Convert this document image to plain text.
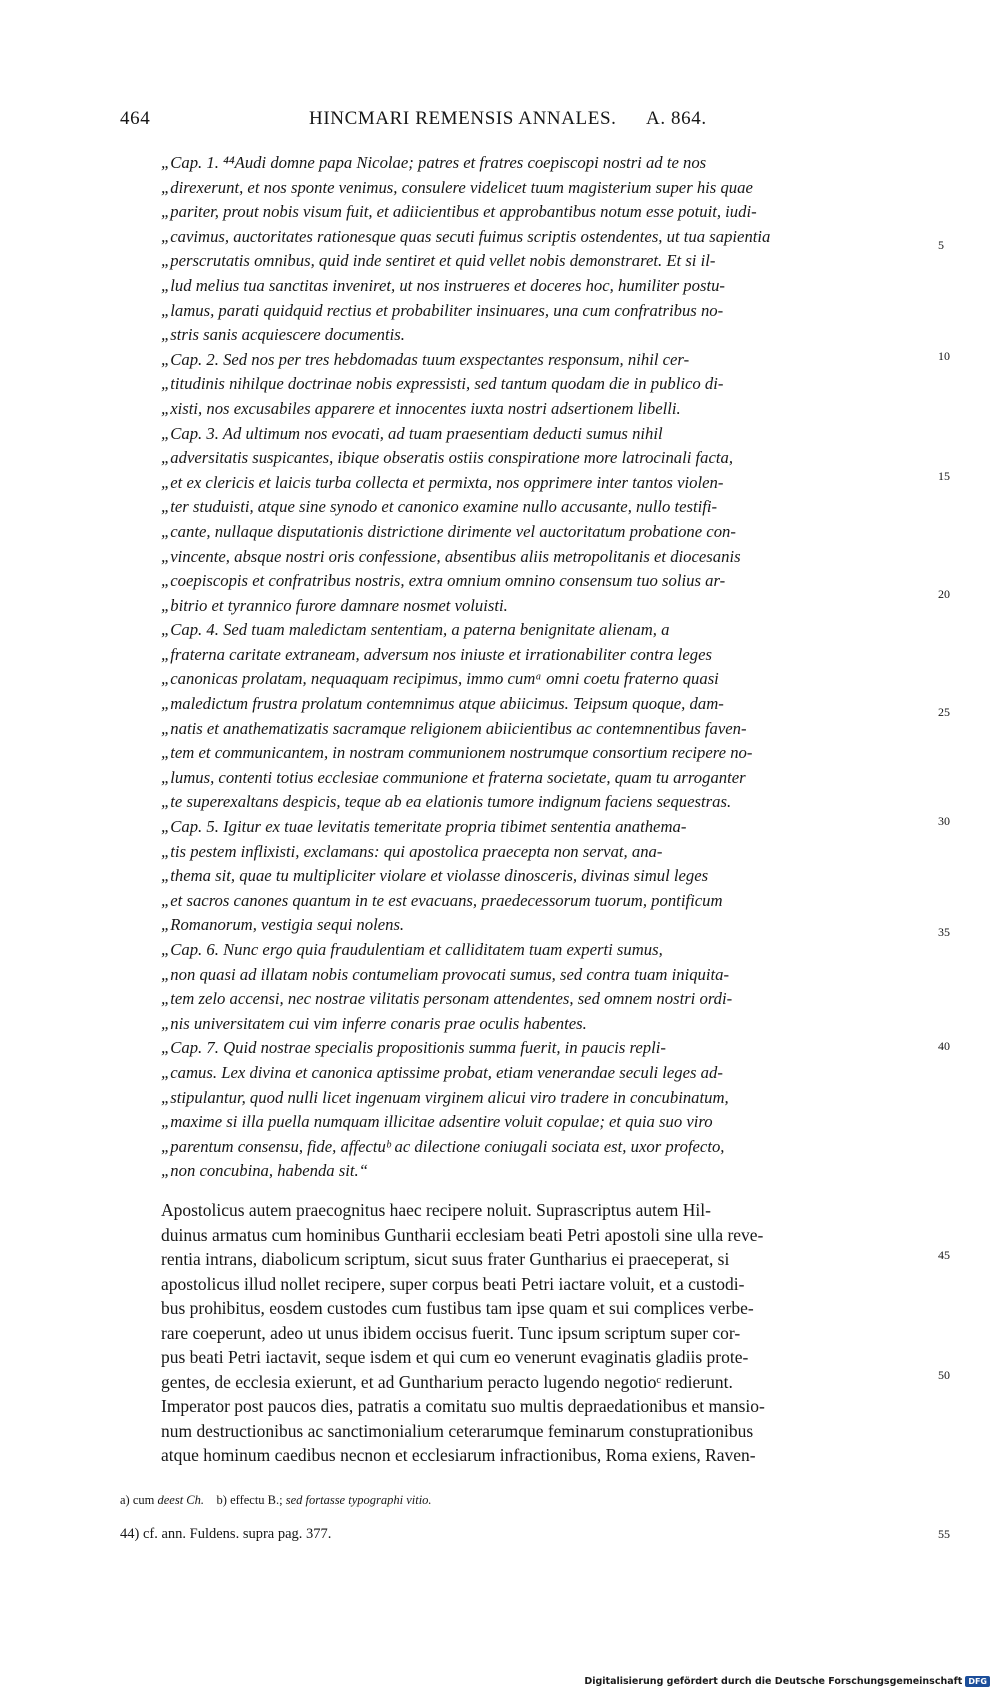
464	HINCMARI REMENSIS ANNALES. A. 864.
„Cap. 1. ⁴⁴Audi domne papa Nicolae; patres et fratres coepiscopi nostri ad te nos
„direxerunt, et nos sponte venimus, consulere videlicet tuum magisterium super his quae
„pariter, prout nobis visum fuit, et adiicientibus et approbantibus notum esse potuit, iudi-
„cavimus, auctoritates rationesque quas secuti fuimus scriptis ostendentes, ut tua sapientia
„perscrutatis omnibus, quid inde sentiret et quid vellet nobis demonstraret. Et si il-
„lud melius tua sanctitas inveniret, ut nos instrueres et doceres hoc, humiliter postu-
„lamus, parati quidquid rectius et probabiliter insinuares, una cum confratribus no-
„stris sanis acquiescere documentis.
„Cap. 2. Sed nos per tres hebdomadas tuum exspectantes responsum, nihil cer-
„titudinis nihilque doctrinae nobis expressisti, sed tantum quodam die in publico di-
„xisti, nos excusabiles apparere et innocentes iuxta nostri adsertionem libelli.
„Cap. 3. Ad ultimum nos evocati, ad tuam praesentiam deducti sumus nihil
„adversitatis suspicantes, ibique obseratis ostiis conspiratione more latrocinali facta,
„et ex clericis et laicis turba collecta et permixta, nos opprimere inter tantos violen-
„ter studuisti, atque sine synodo et canonico examine nullo accusante, nullo testifi-
„cante, nullaque disputationis districtione dirimente vel auctoritatum probatione con-
„vincente, absque nostri oris confessione, absentibus aliis metropolitanis et diocesanis
„coepiscopis et confratribus nostris, extra omnium omnino consensum tuo solius ar-
„bitrio et tyrannico furore damnare nosmet voluisti.
„Cap. 4. Sed tuam maledictam sententiam, a paterna benignitate alienam, a
„fraterna caritate extraneam, adversum nos iniuste et irrationabiliter contra leges
„canonicas prolatam, nequaquam recipimus, immo cumᵃ omni coetu fraterno quasi
„maledictum frustra prolatum contemnimus atque abiicimus. Teipsum quoque, dam-
„natis et anathematizatis sacramque religionem abiicientibus ac contemnentibus faven-
„tem et communicantem, in nostram communionem nostrumque consortium recipere no-
„lumus, contenti totius ecclesiae communione et fraterna societate, quam tu arroganter
„te superexaltans despicis, teque ab ea elationis tumore indignum faciens sequestras.
„Cap. 5. Igitur ex tuae levitatis temeritate propria tibimet sententia anathema-
„tis pestem inflixisti, exclamans: qui apostolica praecepta non servat, ana-
„thema sit, quae tu multipliciter violare et violasse dinosceris, divinas simul leges
„et sacros canones quantum in te est evacuans, praedecessorum tuorum, pontificum
„Romanorum, vestigia sequi nolens.
„Cap. 6. Nunc ergo quia fraudulentiam et calliditatem tuam experti sumus,
„non quasi ad illatam nobis contumeliam provocati sumus, sed contra tuam iniquita-
„tem zelo accensi, nec nostrae vilitatis personam attendentes, sed omnem nostri ordi-
„nis universitatem cui vim inferre conaris prae oculis habentes.
„Cap. 7. Quid nostrae specialis propositionis summa fuerit, in paucis repli-
„camus. Lex divina et canonica aptissime probat, etiam venerandae seculi leges ad-
„stipulantur, quod nulli licet ingenuam virginem alicui viro tradere in concubinatum,
„maxime si illa puella numquam illicitae adsentire voluit copulae; et quia suo viro
„parentum consensu, fide, affectuᵇ ac dilectione coniugali sociata est, uxor profecto,
„non concubina, habenda sit.“
Apostolicus autem praecognitus haec recipere noluit. Suprascriptus autem Hil-
duinus armatus cum hominibus Guntharii ecclesiam beati Petri apostoli sine ulla reve-
rentia intrans, diabolicum scriptum, sicut suus frater Guntharius ei praeceperat, si
apostolicus illud nollet recipere, super corpus beati Petri iactare voluit, et a custodi-
bus prohibitus, eosdem custodes cum fustibus tam ipse quam et sui complices verbe-
rare coeperunt, adeo ut unus ibidem occisus fuerit. Tunc ipsum scriptum super cor-
pus beati Petri iactavit, seque isdem et qui cum eo venerunt evaginatis gladiis prote-
gentes, de ecclesia exierunt, et ad Guntharium peracto lugendo negotioᶜ redierunt.
Imperator post paucos dies, patratis a comitatu suo multis depraedationibus et mansio-
num destructionibus ac sanctimonialium ceterarumque feminarum constuprationibus
atque hominum caedibus necnon et ecclesiarum infractionibus, Roma exiens, Raven-
5
10
15
20
25
30
35
40
45
50
a) cum deest Ch. b) effectu B.; sed fortasse typographi vitio.
44) cf. ann. Fuldens. supra pag. 377.	55
Digitalisierung gefördert durch die Deutsche Forschungsgemeinschaft DFG
